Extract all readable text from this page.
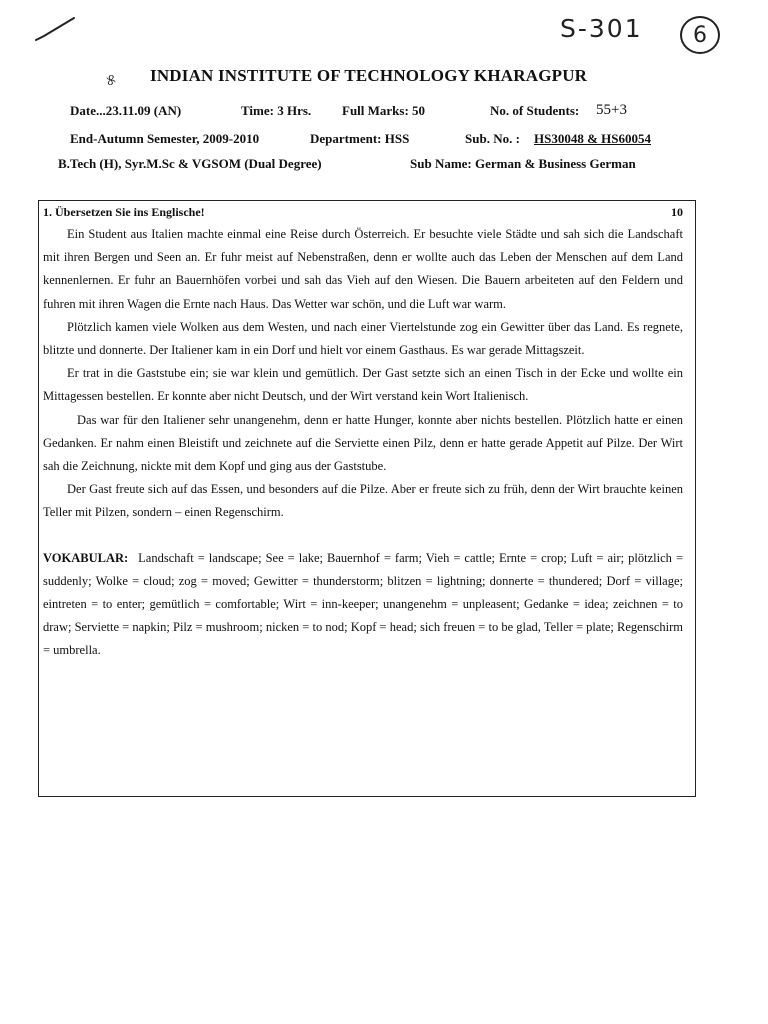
S-301	6
୫ INDIAN INSTITUTE OF TECHNOLOGY KHARAGPUR
Date...23.11.09 (AN)	Time: 3 Hrs. Full Marks: 50	No. of Students: 55+3
End-Autumn Semester, 2009-2010	Department: HSS	Sub. No. : HS30048 & HS60054
B.Tech (H), Syr.M.Sc & VGSOM (Dual Degree)	Sub Name: German & Business German
1. Übersetzen Sie ins Englische!	10

Ein Student aus Italien machte einmal eine Reise durch Österreich. Er besuchte viele Städte und sah sich die Landschaft mit ihren Bergen und Seen an. Er fuhr meist auf Nebenstraßen, denn er wollte auch das Leben der Menschen auf dem Land kennenlernen. Er fuhr an Bauernhöfen vorbei und sah das Vieh auf den Wiesen. Die Bauern arbeiteten auf den Feldern und fuhren mit ihren Wagen die Ernte nach Haus. Das Wetter war schön, und die Luft war warm.

Plötzlich kamen viele Wolken aus dem Westen, und nach einer Viertelstunde zog ein Gewitter über das Land. Es regnete, blitzte und donnerte. Der Italiener kam in ein Dorf und hielt vor einem Gasthaus. Es war gerade Mittagszeit.

Er trat in die Gaststube ein; sie war klein und gemütlich. Der Gast setzte sich an einen Tisch in der Ecke und wollte ein Mittagessen bestellen. Er konnte aber nicht Deutsch, und der Wirt verstand kein Wort Italienisch.

Das war für den Italiener sehr unangenehm, denn er hatte Hunger, konnte aber nichts bestellen. Plötzlich hatte er einen Gedanken. Er nahm einen Bleistift und zeichnete auf die Serviette einen Pilz, denn er hatte gerade Appetit auf Pilze. Der Wirt sah die Zeichnung, nickte mit dem Kopf und ging aus der Gaststube.

Der Gast freute sich auf das Essen, und besonders auf die Pilze. Aber er freute sich zu früh, denn der Wirt brauchte keinen Teller mit Pilzen, sondern – einen Regenschirm.

VOKABULAR: Landschaft = landscape; See = lake; Bauernhof = farm; Vieh = cattle; Ernte = crop; Luft = air; plötzlich = suddenly; Wolke = cloud; zog = moved; Gewitter = thunderstorm; blitzen = lightning; donnerte = thundered; Dorf = village; eintreten = to enter; gemütlich = comfortable; Wirt = inn-keeper; unangenehm = unpleasent; Gedanke = idea; zeichnen = to draw; Serviette = napkin; Pilz = mushroom; nicken = to nod; Kopf = head; sich freuen = to be glad, Teller = plate; Regenschirm = umbrella.
